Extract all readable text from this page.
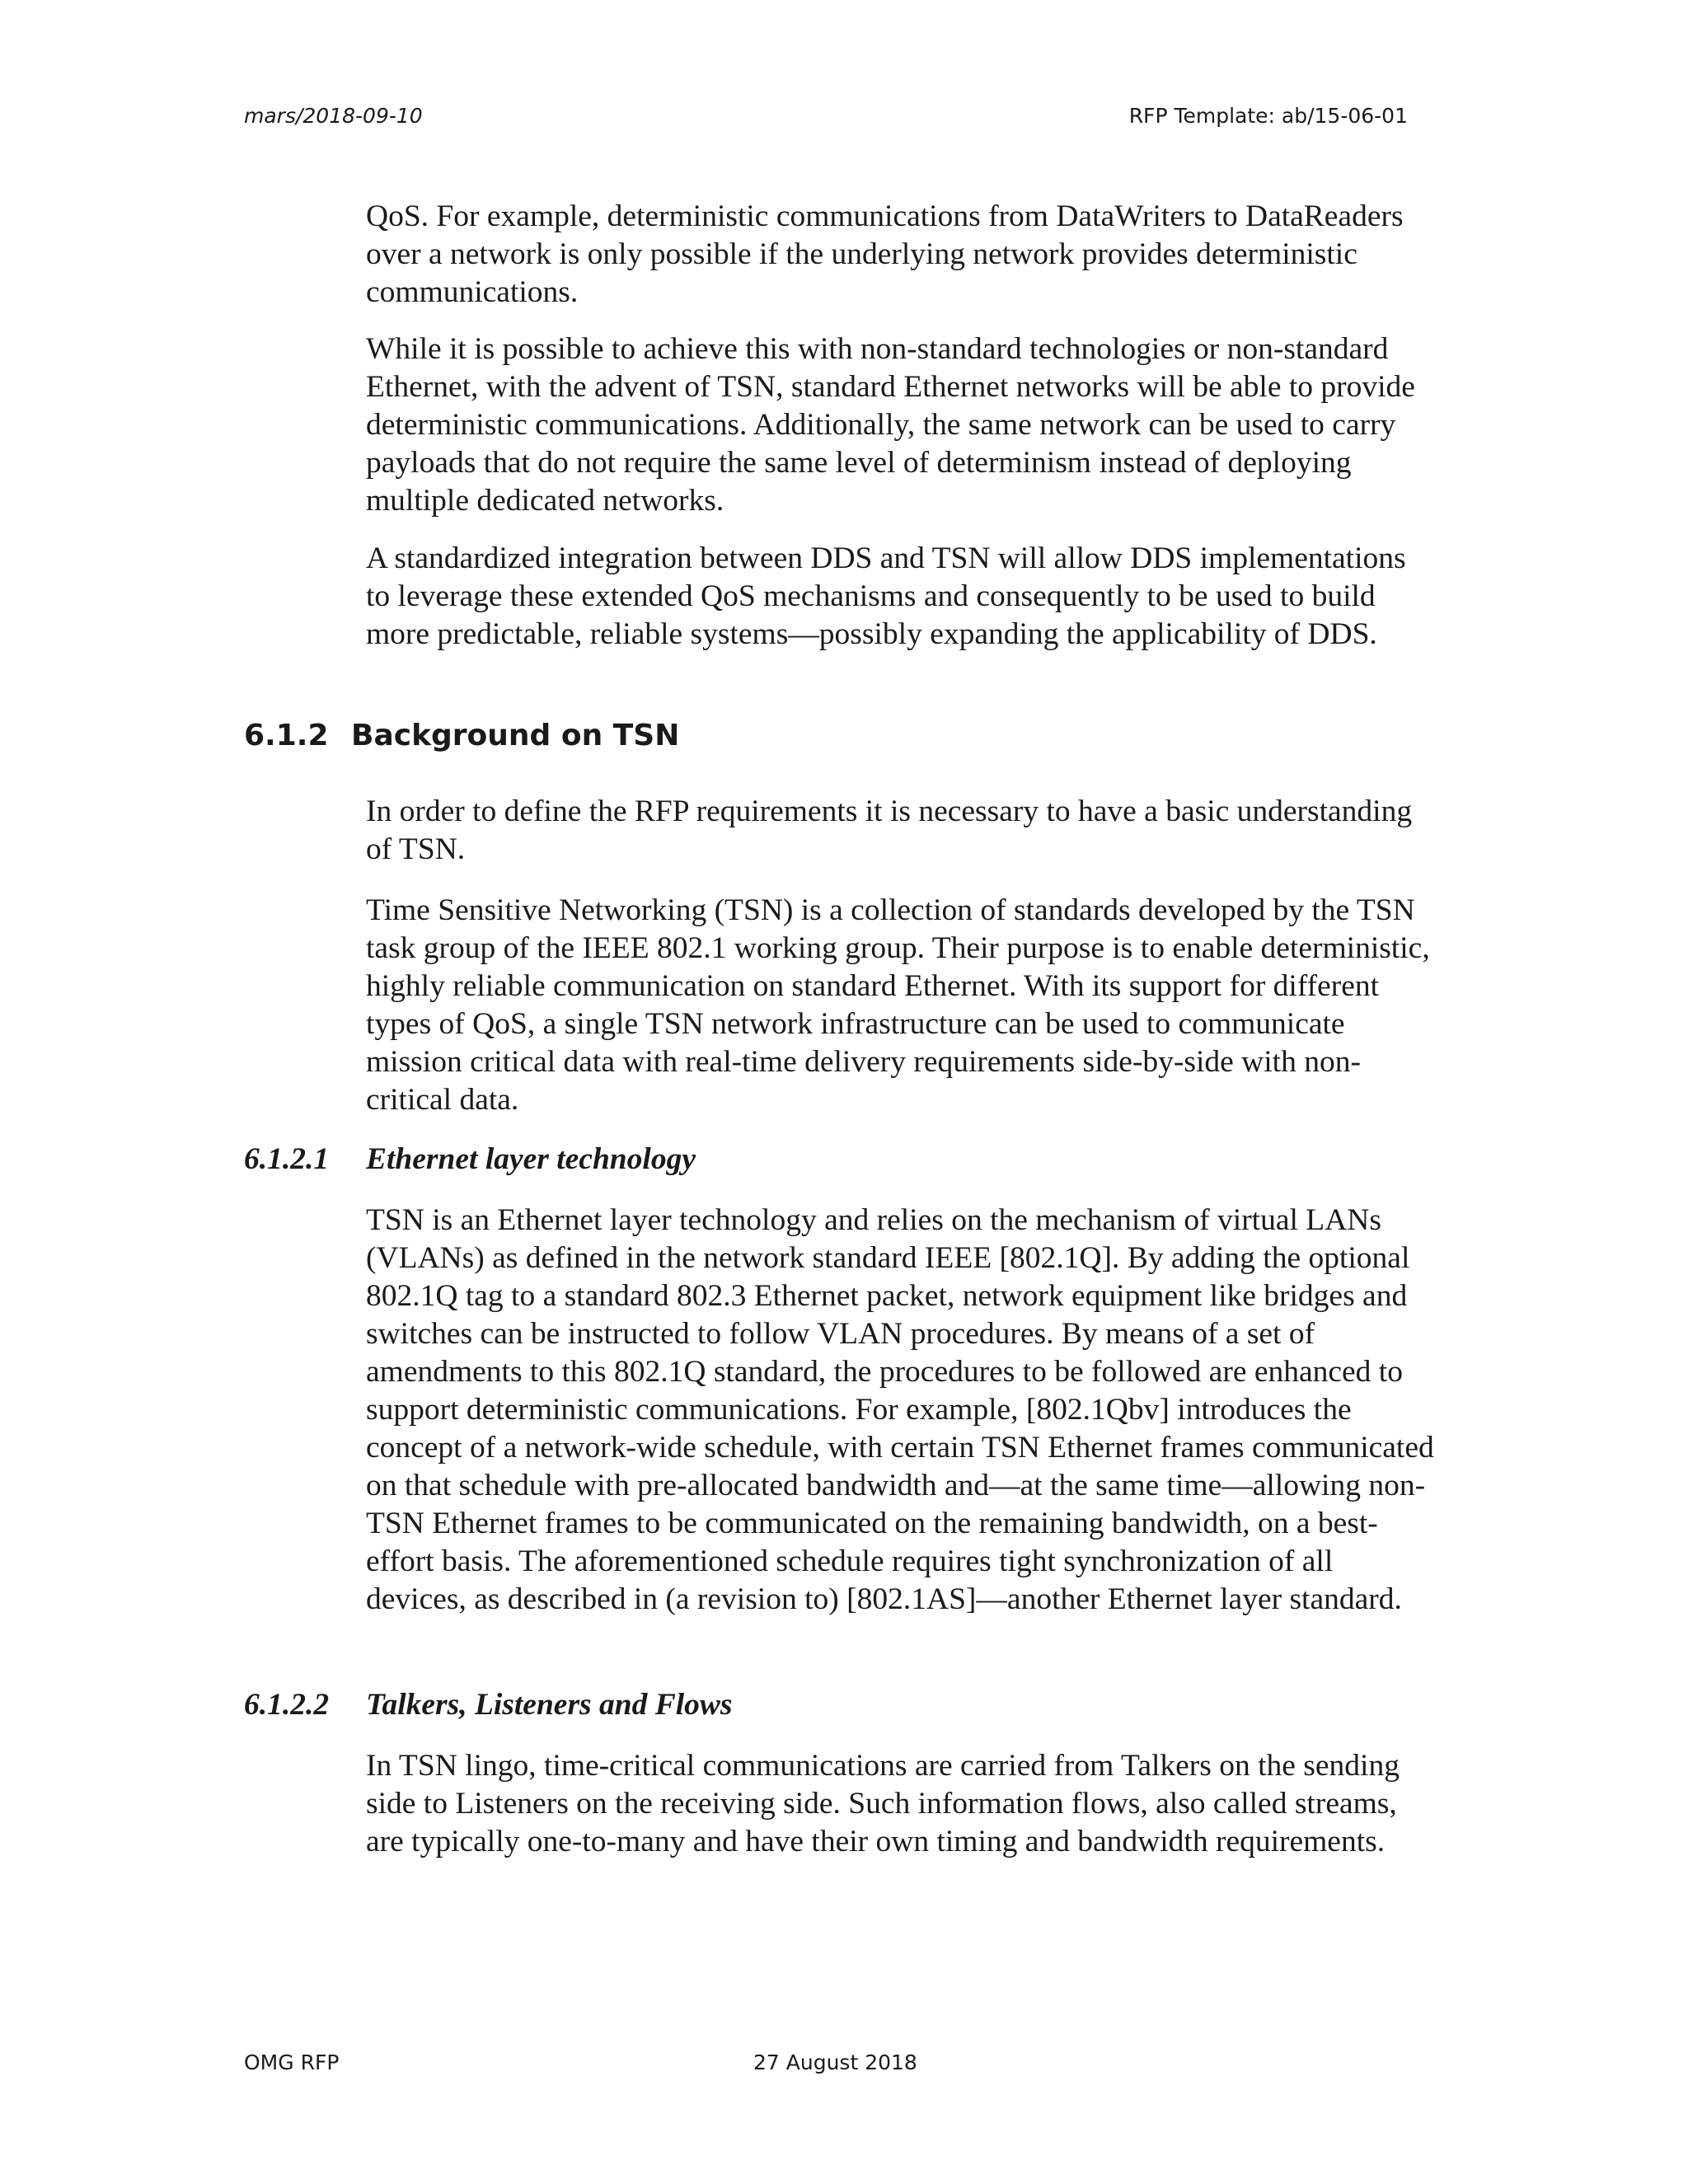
mars/2018-09-10	RFP Template: ab/15-06-01

QoS. For example, deterministic communications from DataWriters to DataReaders over a network is only possible if the underlying network provides deterministic communications.

While it is possible to achieve this with non-standard technologies or non-standard Ethernet, with the advent of TSN, standard Ethernet networks will be able to provide deterministic communications. Additionally, the same network can be used to carry payloads that do not require the same level of determinism instead of deploying multiple dedicated networks.

A standardized integration between DDS and TSN will allow DDS implementations to leverage these extended QoS mechanisms and consequently to be used to build more predictable, reliable systems—possibly expanding the applicability of DDS.

6.1.2 Background on TSN

In order to define the RFP requirements it is necessary to have a basic understanding of TSN.

Time Sensitive Networking (TSN) is a collection of standards developed by the TSN task group of the IEEE 802.1 working group. Their purpose is to enable deterministic, highly reliable communication on standard Ethernet. With its support for different types of QoS, a single TSN network infrastructure can be used to communicate mission critical data with real-time delivery requirements side-by-side with non-critical data.

6.1.2.1 Ethernet layer technology

TSN is an Ethernet layer technology and relies on the mechanism of virtual LANs (VLANs) as defined in the network standard IEEE [802.1Q]. By adding the optional 802.1Q tag to a standard 802.3 Ethernet packet, network equipment like bridges and switches can be instructed to follow VLAN procedures. By means of a set of amendments to this 802.1Q standard, the procedures to be followed are enhanced to support deterministic communications. For example, [802.1Qbv] introduces the concept of a network-wide schedule, with certain TSN Ethernet frames communicated on that schedule with pre-allocated bandwidth and—at the same time—allowing non-TSN Ethernet frames to be communicated on the remaining bandwidth, on a best-effort basis. The aforementioned schedule requires tight synchronization of all devices, as described in (a revision to) [802.1AS]—another Ethernet layer standard.

6.1.2.2 Talkers, Listeners and Flows

In TSN lingo, time-critical communications are carried from Talkers on the sending side to Listeners on the receiving side. Such information flows, also called streams, are typically one-to-many and have their own timing and bandwidth requirements.

OMG RFP	27 August 2018
